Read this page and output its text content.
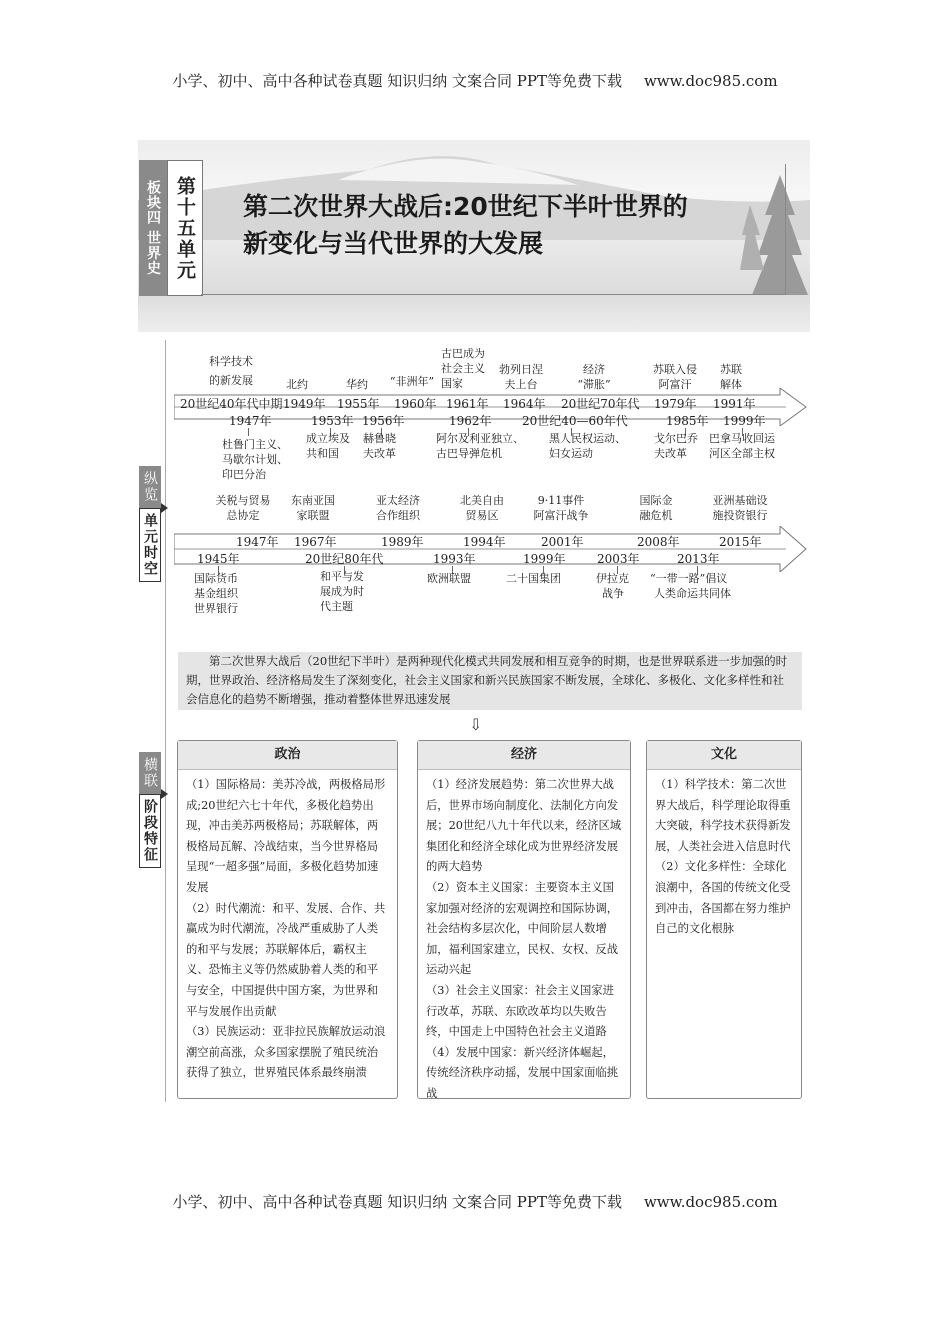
小学、初中、高中各种试卷真题 知识归纳 文案合同 PPT等免费下载 www.doc985.com
板块四 世界史 第十五单元 第二次世界大战后:20世纪下半叶世界的
新变化与当代世界的大发展
纵览
单元时空
横联
阶段特征
科学技术
的新发展	北约	华约 “非洲年”
古巴成为
社会主义
国家
勃列日涅
夫上台
经济
“滞胀”
苏联入侵
阿富汗
苏联
解体
20世纪40年代中期 1949年 1955年 1960年 1961年 1964年 20世纪70年代 1979年 1991年
1947年	1953年 1956年	1962年	20世纪40—60年代	1985年 1999年
杜鲁门主义、
马歇尔计划、
印巴分治
成立埃及
共和国
赫鲁晓
夫改革
阿尔及利亚独立、
古巴导弹危机
黑人民权运动、
妇女运动
戈尔巴乔
夫改革
巴拿马收回运
河区全部主权
关税与贸易
总协定
东南亚国
家联盟
亚太经济
合作组织
北美自由
贸易区
9·11事件
阿富汗战争
国际金
融危机
亚洲基础设
施投资银行
1947年 1967年	1989年	1994年	2001年	2008年	2015年
1945年	20世纪80年代	1993年	1999年	2003年	2013年
国际货币
基金组织
世界银行
和平与发
展成为时
代主题
欧洲联盟	二十国集团	伊拉克
战争
“一带一路”倡议
人类命运共同体
第二次世界大战后（20世纪下半叶）是两种现代化模式共同发展和相互竞争的时期，也是世界联系进一步加强的时期，世界政治、经济格局发生了深刻变化，社会主义国家和新兴民族国家不断发展，全球化、多极化、文化多样性和社会信息化的趋势不断增强，推动着整体世界迅速发展
⇩
政治

（1）国际格局：美苏冷战，两极格局形成;20世纪六七十年代，多极化趋势出现，冲击美苏两极格局；苏联解体，两极格局瓦解、冷战结束，当今世界格局呈现“一超多强”局面，多极化趋势加速发展

（2）时代潮流：和平、发展、合作、共赢成为时代潮流，冷战严重威胁了人类的和平与发展；苏联解体后，霸权主义、恐怖主义等仍然威胁着人类的和平与安全，中国提供中国方案，为世界和平与发展作出贡献

（3）民族运动：亚非拉民族解放运动浪潮空前高涨，众多国家摆脱了殖民统治获得了独立，世界殖民体系最终崩溃

经济

（1）经济发展趋势：第二次世界大战后，世界市场向制度化、法制化方向发展；20世纪八九十年代以来，经济区域集团化和经济全球化成为世界经济发展的两大趋势

（2）资本主义国家：主要资本主义国家加强对经济的宏观调控和国际协调，社会结构多层次化，中间阶层人数增加，福利国家建立，民权、女权、反战运动兴起

（3）社会主义国家：社会主义国家进行改革，苏联、东欧改革均以失败告终，中国走上中国特色社会主义道路

（4）发展中国家：新兴经济体崛起，传统经济秩序动摇，发展中国家面临挑战

文化

（1）科学技术：第二次世界大战后，科学理论取得重大突破，科学技术获得新发展，人类社会进入信息时代

（2）文化多样性：全球化浪潮中，各国的传统文化受到冲击，各国都在努力维护自己的文化根脉

小学、初中、高中各种试卷真题 知识归纳 文案合同 PPT等免费下载 www.doc985.com
